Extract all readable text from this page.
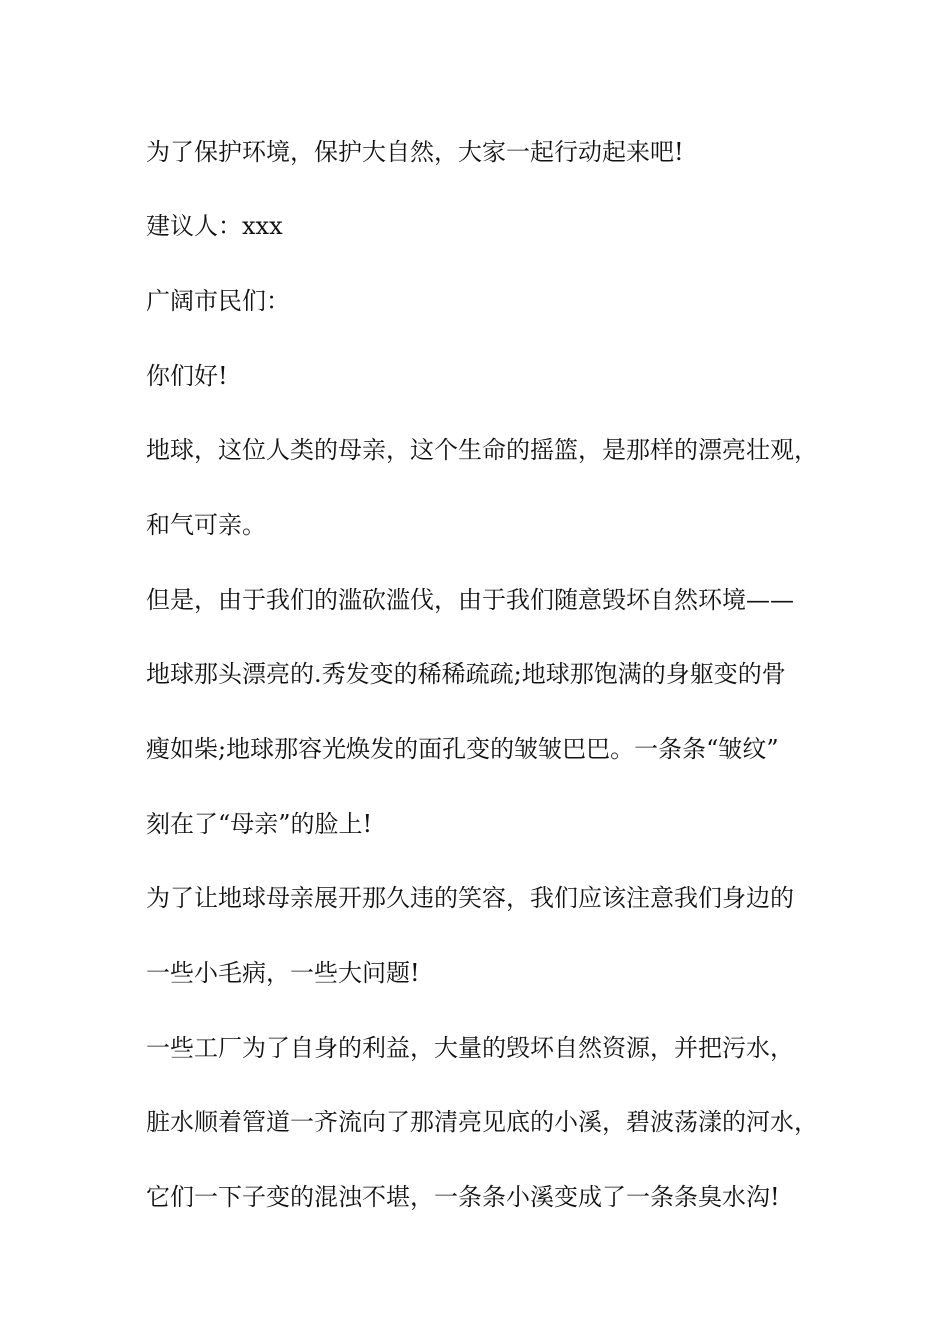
为了保护环境，保护大自然，大家一起行动起来吧!
建议人：xxx
广阔市民们：
你们好!
地球，这位人类的母亲，这个生命的摇篮，是那样的漂亮壮观，
和气可亲。
但是，由于我们的滥砍滥伐，由于我们随意毁坏自然环境——
地球那头漂亮的.秀发变的稀稀疏疏;地球那饱满的身躯变的骨
瘦如柴;地球那容光焕发的面孔变的皱皱巴巴。一条条“皱纹”
刻在了“母亲”的脸上!
为了让地球母亲展开那久违的笑容，我们应该注意我们身边的
一些小毛病，一些大问题!
一些工厂为了自身的利益，大量的毁坏自然资源，并把污水，
脏水顺着管道一齐流向了那清亮见底的小溪，碧波荡漾的河水，
它们一下子变的混浊不堪，一条条小溪变成了一条条臭水沟!
